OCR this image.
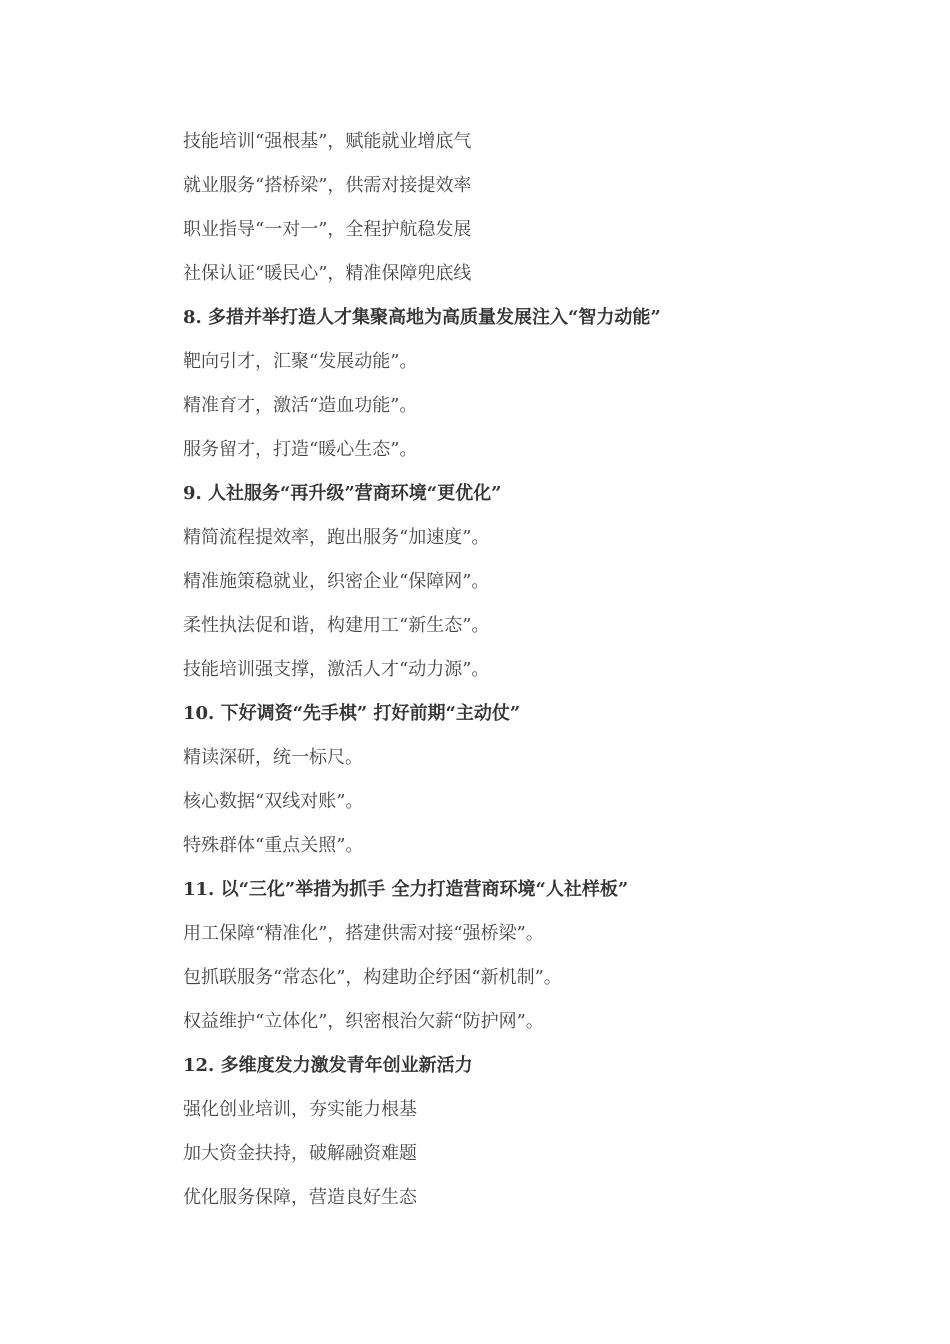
技能培训“强根基”，赋能就业增底气
就业服务“搭桥梁”，供需对接提效率
职业指导“一对一”，全程护航稳发展
社保认证“暖民心”，精准保障兜底线
8. 多措并举打造人才集聚高地为高质量发展注入“智力动能”
靶向引才，汇聚“发展动能”。
精准育才，激活“造血功能”。
服务留才，打造“暖心生态”。
9. 人社服务“再升级”营商环境“更优化”
精简流程提效率，跑出服务“加速度”。
精准施策稳就业，织密企业“保障网”。
柔性执法促和谐，构建用工“新生态”。
技能培训强支撑，激活人才“动力源”。
10. 下好调资“先手棋” 打好前期“主动仗”
精读深研，统一标尺。
核心数据“双线对账”。
特殊群体“重点关照”。
11. 以“三化”举措为抓手 全力打造营商环境“人社样板”
用工保障“精准化”，搭建供需对接“强桥梁”。
包抓联服务“常态化”，构建助企纾困“新机制”。
权益维护“立体化”，织密根治欠薪“防护网”。
12. 多维度发力激发青年创业新活力
强化创业培训，夯实能力根基
加大资金扶持，破解融资难题
优化服务保障，营造良好生态
